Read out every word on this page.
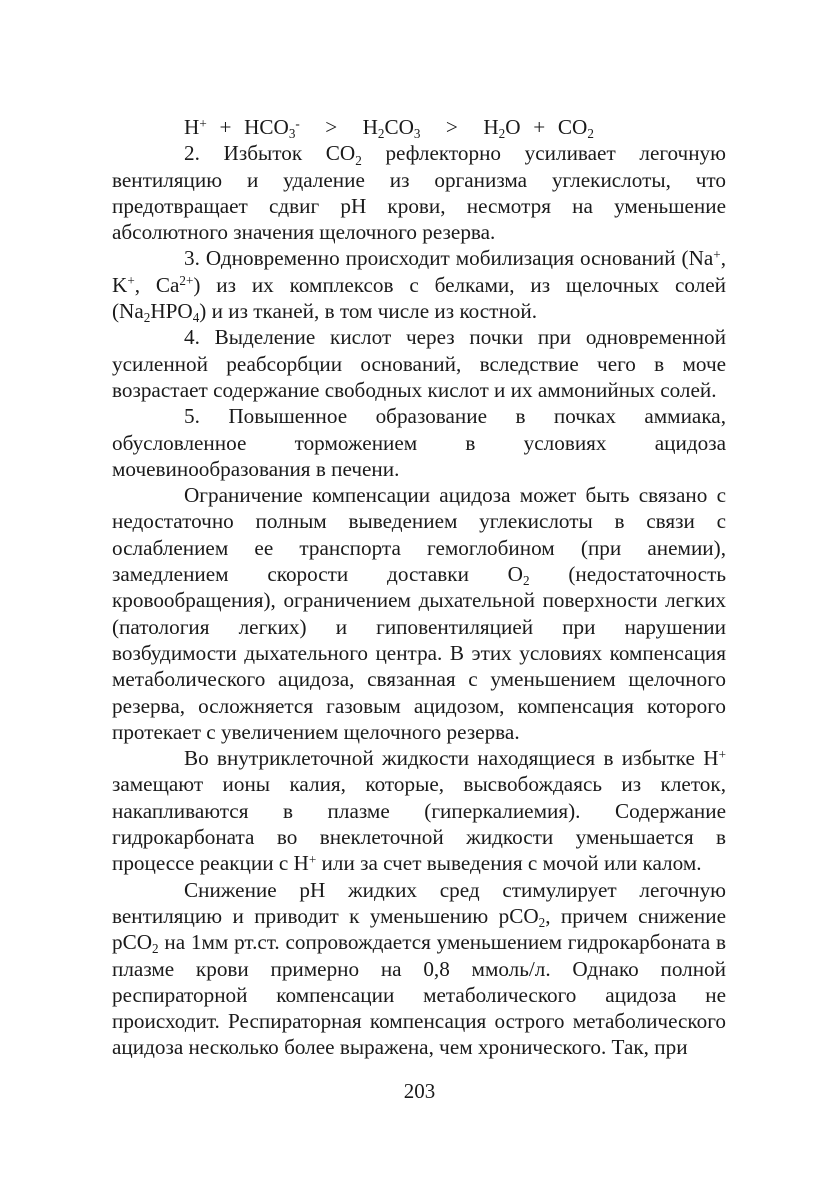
$H^+ + HCO_3^- > H_2CO_3 > H_2O + CO_2$

2. Избыток $CO_2$ рефлекторно усиливает легочную вентиляцию и удаление из организма углекислоты, что предотвращает сдвиг pH крови, несмотря на уменьшение абсолютного значения щелочного резерва.

3. Одновременно происходит мобилизация оснований (Na+, K+, $Ca^{2+}$) из их комплексов с белками, из щелочных солей $(Na_2HPO_4)$ и из тканей, в том числе из костной.

4. Выделение кислот через почки при одновременной усиленной реабсорбции оснований, вследствие чего в моче возрастает содержание свободных кислот и их аммонийных солей.

5. Повышенное образование в почках аммиака, обусловленное торможением в условиях ацидоза мочевинообразования в печени.

Ограничение компенсации ацидоза может быть связано с недостаточно полным выведением углекислоты в связи с ослаблением ее транспорта гемоглобином (при анемии), замедлением скорости доставки $O_2$ (недостаточность кровообращения), ограничением дыхательной поверхности легких (патология легких) и гиповентиляцией при нарушении возбудимости дыхательного центра. В этих условиях компенсация метаболического ацидоза, связанная с уменьшением щелочного резерва, осложняется газовым ацидозом, компенсация которого протекает с увеличением щелочного резерва.

Во внутриклеточной жидкости находящиеся в избытке H+ замещают ионы калия, которые, высвобождаясь из клеток, накапливаются в плазме (гиперкалиемия). Содержание гидрокарбоната во внеклеточной жидкости уменьшается в процессе реакции с H+ или за счет выведения с мочой или калом.

Снижение pH жидких сред стимулирует легочную вентиляцию и приводит к уменьшению pCO$_2$, причем снижение pCO$_2$ на 1мм рт.ст. сопровождается уменьшением гидрокарбоната в плазме крови примерно на 0,8 ммоль/л. Однако полной респираторной компенсации метаболического ацидоза не происходит. Респираторная компенсация острого метаболического ацидоза несколько более выражена, чем хронического. Так, при

203
